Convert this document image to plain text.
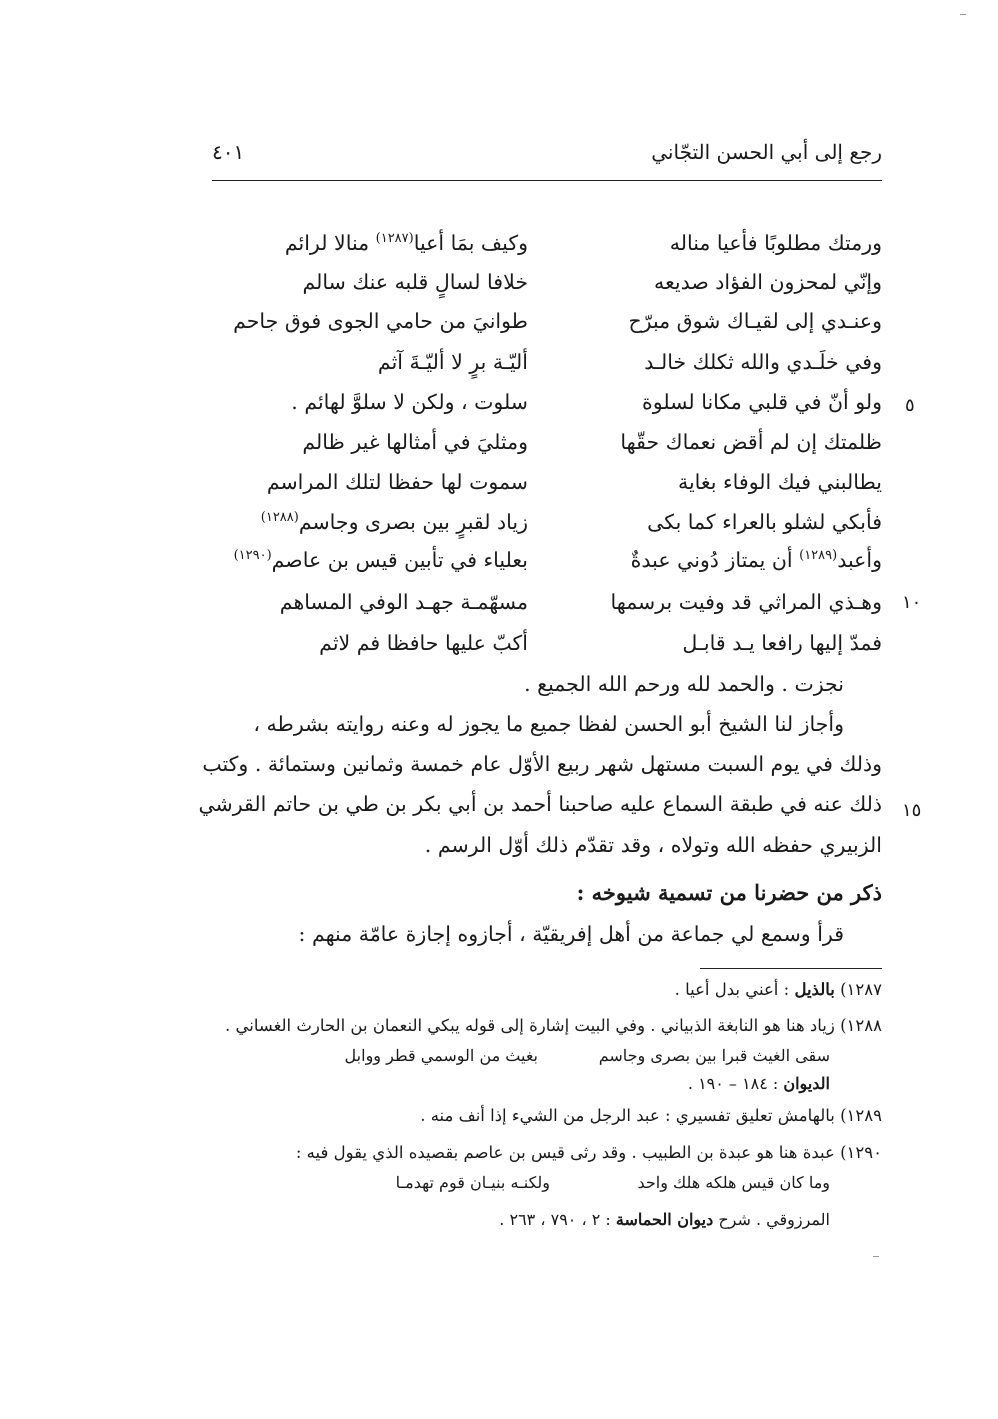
رجع إلى أبي الحسن التجّاني
٤٠١
ورمتك مطلوبًا فأعيا مناله
وكيف بمَا أعيا$^{(١٢٨٧)}$ منالا لرائم
وإنّي لمحزون الفؤاد صديعه
خلافا لسالٍ قلبه عنك سالم
وعنـدي إلى لقيـاك شوق مبرّح
طوانيَ من حامي الجوى فوق جاحم
وفي خلَـدي والله ثكلك خالـد
أليّـة برٍ لا أليّـةَ آثم
ولو أنّ في قلبي مكانا لسلوة
سلوت ، ولكن لا سلوَّ لهائم .
ظلمتك إن لم أقض نعماك حقّها
ومثليَ في أمثالها غير ظالم
يطالبني فيك الوفاء بغاية
سموت لها حفظا لتلك المراسم
فأبكي لشلو بالعراء كما بكى
زياد لقبرٍ بين بصرى وجاسم$^{(١٢٨٨)}$
وأعبد$^{(١٢٨٩)}$ أن يمتاز دُوني عبدةٌ
بعلياء في تأبين قيس بن عاصم$^{(١٢٩٠)}$
وهـذي المراثي قد وفيت برسمها
مسهّمـة جهـد الوفي المساهم
فمدّ إليها رافعا يـد قابـل
أكبّ عليها حافظا فم لاثم
٥
١٠
١٥
نجزت . والحمد لله ورحم الله الجميع .
وأجاز لنا الشيخ أبو الحسن لفظا جميع ما يجوز له وعنه روايته بشرطه ،
وذلك في يوم السبت مستهل شهر ربيع الأوّل عام خمسة وثمانين وستمائة . وكتب
ذلك عنه في طبقة السماع عليه صاحبنا أحمد بن أبي بكر بن طي بن حاتم القرشي
الزبيري حفظه الله وتولاه ، وقد تقدّم ذلك أوّل الرسم .
ذكر من حضرنا من تسمية شيوخه :
قرأ وسمع لي جماعة من أهل إفريقيّة ، أجازوه إجازة عامّة منهم :
١٢٨٧) بالذيل : أعني بدل أعيا .
١٢٨٨) زياد هنا هو النابغة الذبياني . وفي البيت إشارة إلى قوله يبكي النعمان بن الحارث الغساني .
سقى الغيث قبرا بين بصرى وجاسم
بغيث من الوسمي قطر ووابل
الديوان : ١٨٤ – ١٩٠ .
١٢٨٩) بالهامش تعليق تفسيري : عبد الرجل من الشيء إذا أنف منه .
١٢٩٠) عبدة هنا هو عبدة بن الطبيب . وقد رثى قيس بن عاصم بقصيده الذي يقول فيه :
وما كان قيس هلكه هلك واحد
ولكنـه بنيـان قوم تهدمـا
المرزوقي . شرح ديوان الحماسة : ٢ ، ٧٩٠ ، ٢٦٣ .
